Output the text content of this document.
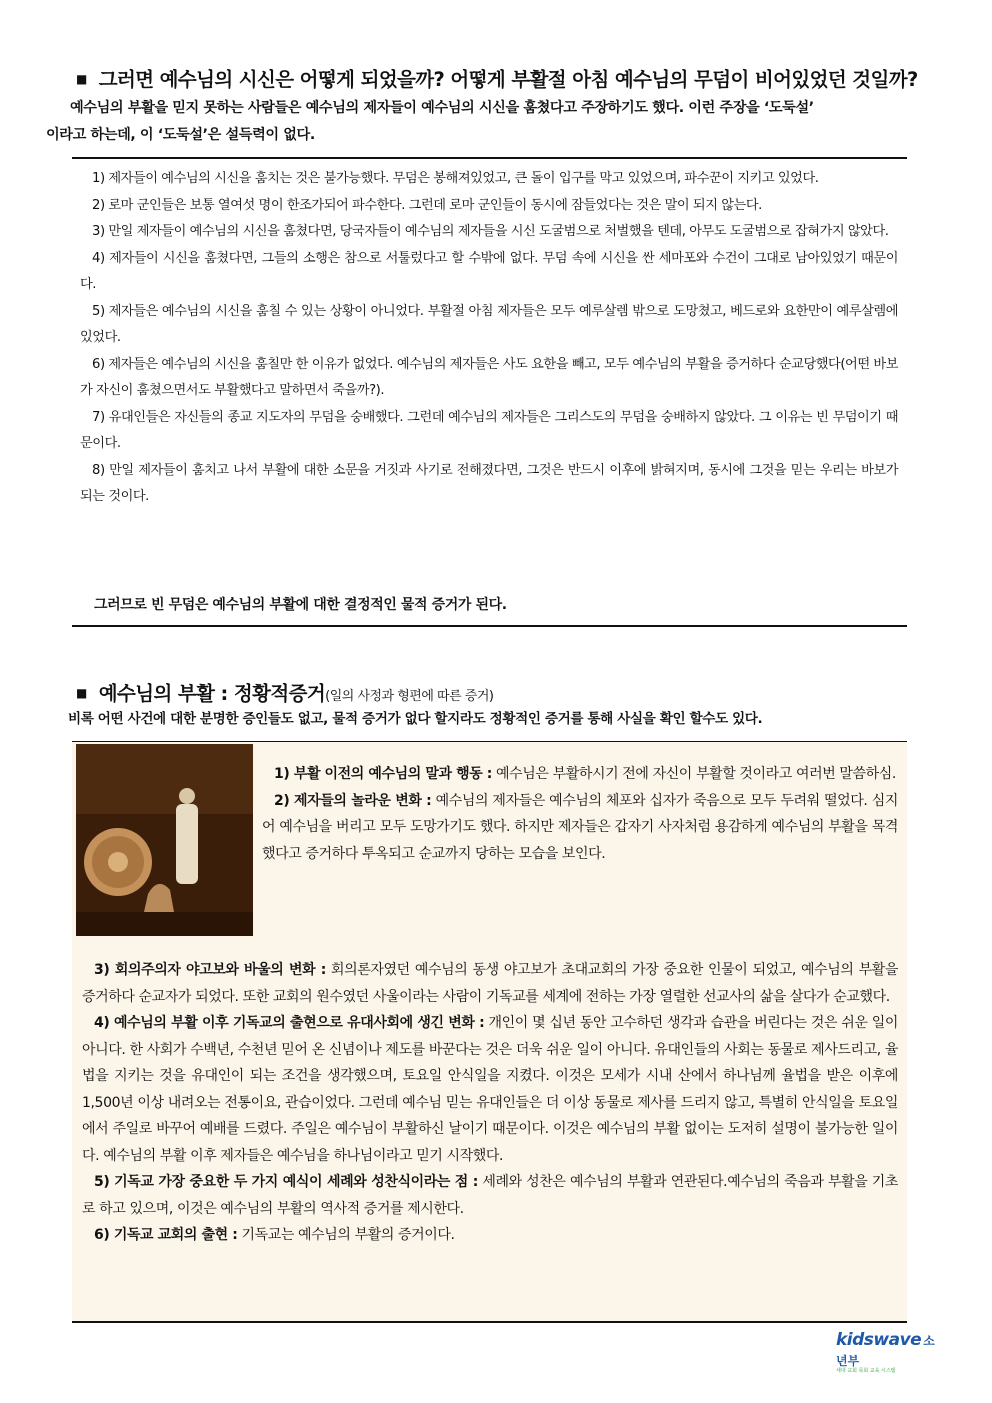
■ 그러면 예수님의 시신은 어떻게 되었을까? 어떻게 부활절 아침 예수님의 무덤이 비어있었던 것일까?
예수님의 부활을 믿지 못하는 사람들은 예수님의 제자들이 예수님의 시신을 훔쳤다고 주장하기도 했다. 이런 주장을 ‘도둑설’
이라고 하는데, 이 ‘도둑설’은 설득력이 없다.

1) 제자들이 예수님의 시신을 훔치는 것은 불가능했다. 무덤은 봉해져있었고, 큰 돌이 입구를 막고 있었으며, 파수꾼이 지키고 있었다.

2) 로마 군인들은 보통 열여섯 명이 한조가되어 파수한다. 그런데 로마 군인들이 동시에 잠들었다는 것은 말이 되지 않는다.

3) 만일 제자들이 예수님의 시신을 훔쳤다면, 당국자들이 예수님의 제자들을 시신 도굴범으로 처벌했을 텐데, 아무도 도굴범으로 잡혀가지 않았다.

4) 제자들이 시신을 훔쳤다면, 그들의 소행은 참으로 서툴렀다고 할 수밖에 없다. 무덤 속에 시신을 싼 세마포와 수건이 그대로 남아있었기 때문이다.

5) 제자들은 예수님의 시신을 훔칠 수 있는 상황이 아니었다. 부활절 아침 제자들은 모두 예루살렘 밖으로 도망쳤고, 베드로와 요한만이 예루살렘에 있었다.

6) 제자들은 예수님의 시신을 훔칠만 한 이유가 없었다. 예수님의 제자들은 사도 요한을 빼고, 모두 예수님의 부활을 증거하다 순교당했다(어떤 바보가 자신이 훔쳤으면서도 부활했다고 말하면서 죽을까?).

7) 유대인들은 자신들의 종교 지도자의 무덤을 숭배했다. 그런데 예수님의 제자들은 그리스도의 무덤을 숭배하지 않았다. 그 이유는 빈 무덤이기 때문이다.

8) 만일 제자들이 훔치고 나서 부활에 대한 소문을 거짓과 사기로 전해졌다면, 그것은 반드시 이후에 밝혀지며, 동시에 그것을 믿는 우리는 바보가 되는 것이다.

그러므로 빈 무덤은 예수님의 부활에 대한 결정적인 물적 증거가 된다.
■ 예수님의 부활 : 정황적증거(일의 사정과 형편에 따른 증거)
비록 어떤 사건에 대한 분명한 증인들도 없고, 물적 증거가 없다 할지라도 정황적인 증거를 통해 사실을 확인 할수도 있다.

1) 부활 이전의 예수님의 말과 행동 : 예수님은 부활하시기 전에 자신이 부활할 것이라고 여러번 말씀하심.

2) 제자들의 놀라운 변화 : 예수님의 제자들은 예수님의 체포와 십자가 죽음으로 모두 두려워 떨었다. 심지어 예수님을 버리고 모두 도망가기도 했다. 하지만 제자들은 갑자기 사자처럼 용감하게 예수님의 부활을 목격했다고 증거하다 투옥되고 순교까지 당하는 모습을 보인다.

3) 회의주의자 야고보와 바울의 변화 : 회의론자였던 예수님의 동생 야고보가 초대교회의 가장 중요한 인물이 되었고, 예수님의 부활을 증거하다 순교자가 되었다. 또한 교회의 원수였던 사울이라는 사람이 기독교를 세계에 전하는 가장 열렬한 선교사의 삶을 살다가 순교했다.

4) 예수님의 부활 이후 기독교의 출현으로 유대사회에 생긴 변화 : 개인이 몇 십년 동안 고수하던 생각과 습관을 버린다는 것은 쉬운 일이 아니다. 한 사회가 수백년, 수천년 믿어 온 신념이나 제도를 바꾼다는 것은 더욱 쉬운 일이 아니다. 유대인들의 사회는 동물로 제사드리고, 율법을 지키는 것을 유대인이 되는 조건을 생각했으며, 토요일 안식일을 지켰다. 이것은 모세가 시내 산에서 하나님께 율법을 받은 이후에 1,500년 이상 내려오는 전통이요, 관습이었다. 그런데 예수님 믿는 유대인들은 더 이상 동물로 제사를 드리지 않고, 특별히 안식일을 토요일에서 주일로 바꾸어 예배를 드렸다. 주일은 예수님이 부활하신 날이기 때문이다. 이것은 예수님의 부활 없이는 도저히 설명이 불가능한 일이다. 예수님의 부활 이후 제자들은 예수님을 하나님이라고 믿기 시작했다.

5) 기독교 가장 중요한 두 가지 예식이 세례와 성찬식이라는 점 : 세례와 성찬은 예수님의 부활과 연관된다.예수님의 죽음과 부활을 기초로 하고 있으며, 이것은 예수님의 부활의 역사적 증거를 제시한다.

6) 기독교 교회의 출현 : 기독교는 예수님의 부활의 증거이다.

kidswave 소년부
세대 교회 목회 교육 시스템
